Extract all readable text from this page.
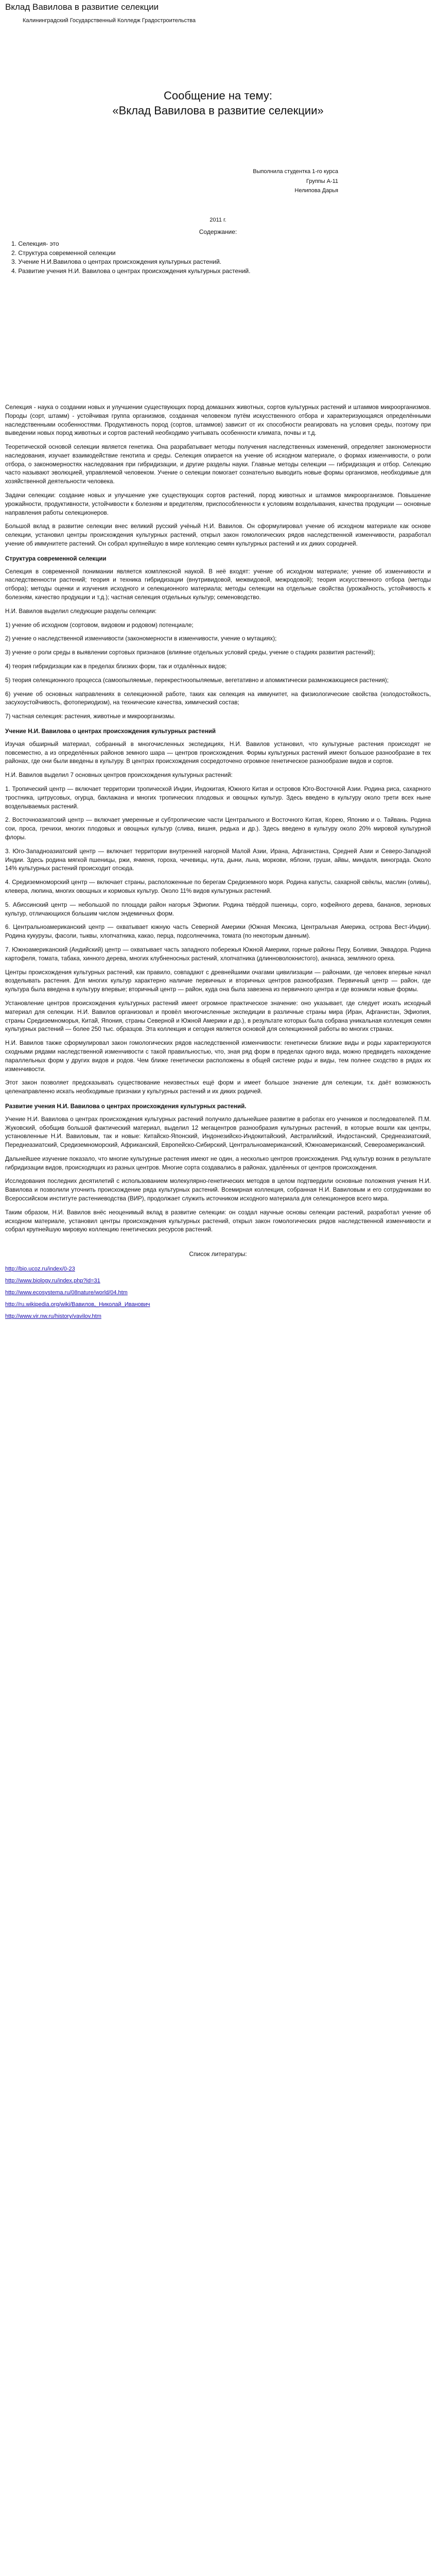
Вклад Вавилова в развитие селекции
Калининградский Государственный Колледж Градостроительства
Сообщение на тему:
«Вклад Вавилова в развитие селекции»
Выполнила студентка 1-го курса
Группы А-11
Нелипова Дарья
2011 г.
Содержание:
1. Селекция- это
2. Структура современной селекции
3. Учение Н.И.Вавилова о центрах происхождения культурных растений.
4. Развитие учения Н.И. Вавилова о центрах происхождения культурных растений.

Селекция - наука о создании новых и улучшении существующих пород домашних животных, сортов культурных растений и штаммов микроорганизмов. Породы (сорт, штамм) - устойчивая группа организмов, созданная человеком путём искусственного отбора и характеризующаяся определёнными наследственными особенностями. Продуктивность пород (сортов, штаммов) зависит от их способности реагировать на условия среды, поэтому при выведении новых пород животных и сортов растений необходимо учитывать особенности климата, почвы и т.д.

Теоретической основой селекции является генетика. Она разрабатывает методы получения наследственных изменений, определяет закономерности наследования, изучает взаимодействие генотипа и среды. Селекция опирается на учение об исходном материале, о формах изменчивости, о роли отбора, о закономерностях наследования при гибридизации, и другие разделы науки. Главные методы селекции — гибридизация и отбор. Селекцию часто называют эволюцией, управляемой человеком. Учение о селекции помогает сознательно выводить новые формы организмов, необходимые для хозяйственной деятельности человека.

Задачи селекции: создание новых и улучшение уже существующих сортов растений, пород животных и штаммов микроорганизмов. Повышение урожайности, продуктивности, устойчивости к болезням и вредителям, приспособленности к условиям возделывания, качества продукции — основные направления работы селекционеров.

Большой вклад в развитие селекции внес великий русский учёный Н.И. Вавилов. Он сформулировал учение об исходном материале как основе селекции, установил центры происхождения культурных растений, открыл закон гомологических рядов наследственной изменчивости, разработал учение об иммунитете растений. Он собрал крупнейшую в мире коллекцию семян культурных растений и их диких сородичей.

Структура современной селекции

Селекция в современной понимании является комплексной наукой. В неё входят: учение об исходном материале; учение об изменчивости и наследственности растений; теория и техника гибридизации (внутривидовой, межвидовой, межродовой); теория искусственного отбора (методы отбора); методы оценки и изучения исходного и селекционного материала; методы селекции на отдельные свойства (урожайность, устойчивость к болезням, качество продукции и т.д.); частная селекция отдельных культур; семеноводство.

Н.И. Вавилов выделил следующие разделы селекции:

1) учение об исходном (сортовом, видовом и родовом) потенциале;

2) учение о наследственной изменчивости (закономерности в изменчивости, учение о мутациях);

3) учение о роли среды в выявлении сортовых признаков (влияние отдельных условий среды, учение о стадиях развития растений);

4) теория гибридизации как в пределах близких форм, так и отдалённых видов;

5) теория селекционного процесса (самоопыляемые, перекрестноопыляемые, вегетативно и апомиктически размножающиеся растения);

6) учение об основных направлениях в селекционной работе, таких как селекция на иммунитет, на физиологические свойства (холодостойкость, засухоустойчивость, фотопериодизм), на технические качества, химический состав;

7) частная селекция: растения, животные и микроорганизмы.

Учение Н.И. Вавилова о центрах происхождения культурных растений

Изучая обширный материал, собранный в многочисленных экспедициях, Н.И. Вавилов установил, что культурные растения происходят не повсеместно, а из определённых районов земного шара — центров происхождения. Формы культурных растений имеют большое разнообразие в тех районах, где они были введены в культуру. В центрах происхождения сосредоточено огромное генетическое разнообразие видов и сортов.

Н.И. Вавилов выделил 7 основных центров происхождения культурных растений:

1. Тропический центр — включает территории тропической Индии, Индокитая, Южного Китая и островов Юго-Восточной Азии. Родина риса, сахарного тростника, цитрусовых, огурца, баклажана и многих тропических плодовых и овощных культур. Здесь введено в культуру около трети всех ныне возделываемых растений.

2. Восточноазиатский центр — включает умеренные и субтропические части Центрального и Восточного Китая, Корею, Японию и о. Тайвань. Родина сои, проса, гречихи, многих плодовых и овощных культур (слива, вишня, редька и др.). Здесь введено в культуру около 20% мировой культурной флоры.

3. Юго-Западноазиатский центр — включает территории внутренней нагорной Малой Азии, Ирана, Афганистана, Средней Азии и Северо-Западной Индии. Здесь родина мягкой пшеницы, ржи, ячменя, гороха, чечевицы, нута, дыни, льна, моркови, яблони, груши, айвы, миндаля, винограда. Около 14% культурных растений происходит отсюда.

4. Средиземноморский центр — включает страны, расположенные по берегам Средиземного моря. Родина капусты, сахарной свёклы, маслин (оливы), клевера, люпина, многих овощных и кормовых культур. Около 11% видов культурных растений.

5. Абиссинский центр — небольшой по площади район нагорья Эфиопии. Родина твёрдой пшеницы, сорго, кофейного дерева, бананов, зерновых культур, отличающихся большим числом эндемичных форм.

6. Центральноамериканский центр — охватывает южную часть Северной Америки (Южная Мексика, Центральная Америка, острова Вест-Индии). Родина кукурузы, фасоли, тыквы, хлопчатника, какао, перца, подсолнечника, томата (по некоторым данным).

7. Южноамериканский (Андийский) центр — охватывает часть западного побережья Южной Америки, горные районы Перу, Боливии, Эквадора. Родина картофеля, томата, табака, хинного дерева, многих клубненосных растений, хлопчатника (длинноволокнистого), ананаса, земляного ореха.

Центры происхождения культурных растений, как правило, совпадают с древнейшими очагами цивилизации — районами, где человек впервые начал возделывать растения. Для многих культур характерно наличие первичных и вторичных центров разнообразия. Первичный центр — район, где культура была введена в культуру впервые; вторичный центр — район, куда она была завезена из первичного центра и где возникли новые формы.

Установление центров происхождения культурных растений имеет огромное практическое значение: оно указывает, где следует искать исходный материал для селекции. Н.И. Вавилов организовал и провёл многочисленные экспедиции в различные страны мира (Иран, Афганистан, Эфиопия, страны Средиземноморья, Китай, Япония, страны Северной и Южной Америки и др.), в результате которых была собрана уникальная коллекция семян культурных растений — более 250 тыс. образцов. Эта коллекция и сегодня является основой для селекционной работы во многих странах.

Н.И. Вавилов также сформулировал закон гомологических рядов наследственной изменчивости: генетически близкие виды и роды характеризуются сходными рядами наследственной изменчивости с такой правильностью, что, зная ряд форм в пределах одного вида, можно предвидеть нахождение параллельных форм у других видов и родов. Чем ближе генетически расположены в общей системе роды и виды, тем полнее сходство в рядах их изменчивости.

Этот закон позволяет предсказывать существование неизвестных ещё форм и имеет большое значение для селекции, т.к. даёт возможность целенаправленно искать необходимые признаки у культурных растений и их диких родичей.

Развитие учения Н.И. Вавилова о центрах происхождения культурных растений.

Учение Н.И. Вавилова о центрах происхождения культурных растений получило дальнейшее развитие в работах его учеников и последователей. П.М. Жуковский, обобщив большой фактический материал, выделил 12 мегацентров разнообразия культурных растений, в которые вошли как центры, установленные Н.И. Вавиловым, так и новые: Китайско-Японский, Индонезийско-Индокитайский, Австралийский, Индостанский, Среднеазиатский, Переднеазиатский, Средиземноморский, Африканский, Европейско-Сибирский, Центральноамериканский, Южноамериканский, Североамериканский.

Дальнейшее изучение показало, что многие культурные растения имеют не один, а несколько центров происхождения. Ряд культур возник в результате гибридизации видов, происходящих из разных центров. Многие сорта создавались в районах, удалённых от центров происхождения.

Исследования последних десятилетий с использованием молекулярно-генетических методов в целом подтвердили основные положения учения Н.И. Вавилова и позволили уточнить происхождение ряда культурных растений. Всемирная коллекция, собранная Н.И. Вавиловым и его сотрудниками во Всероссийском институте растениеводства (ВИР), продолжает служить источником исходного материала для селекционеров всего мира.

Таким образом, Н.И. Вавилов внёс неоценимый вклад в развитие селекции: он создал научные основы селекции растений, разработал учение об исходном материале, установил центры происхождения культурных растений, открыл закон гомологических рядов наследственной изменчивости и собрал крупнейшую мировую коллекцию генетических ресурсов растений.

Список литературы:
http://bio.ucoz.ru/index/0-23
http://www.biology.ru/index.php?id=31
http://www.ecosystema.ru/08nature/world/04.htm
http://ru.wikipedia.org/wiki/Вавилов,_Николай_Иванович
http://www.vir.nw.ru/history/vavilov.htm
